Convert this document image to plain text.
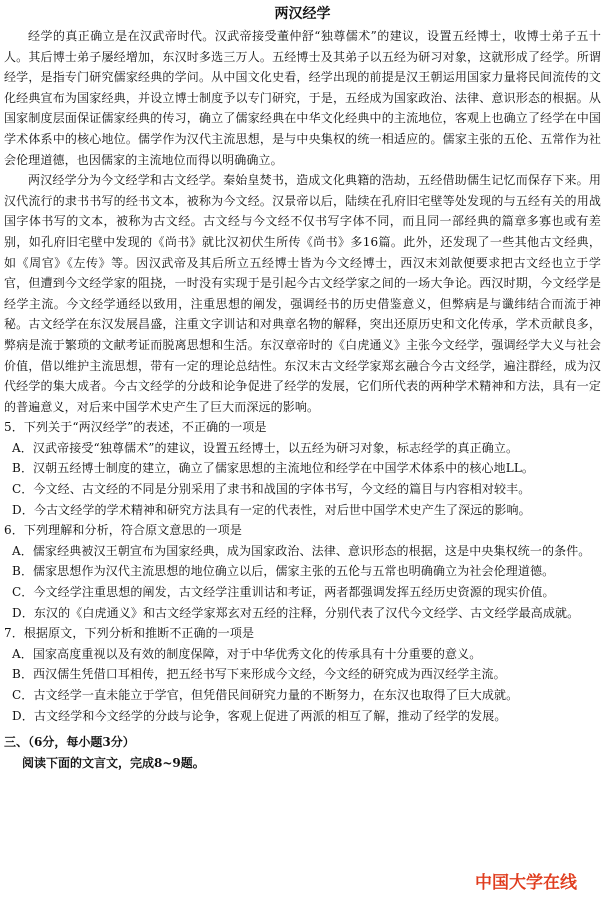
两汉经学

经学的真正确立是在汉武帝时代。汉武帝接受董仲舒“独尊儒术”的建议，设置五经博士，收博士弟子五十人。其后博士弟子屡经增加，东汉时多选三万人。五经博士及其弟子以五经为研习对象，这就形成了经学。所谓经学，是指专门研究儒家经典的学问。从中国文化史看，经学出现的前提是汉王朝运用国家力量将民间流传的文化经典宣布为国家经典，并设立博士制度予以专门研究，于是，五经成为国家政治、法律、意识形态的根据。从国家制度层面保证儒家经典的传习，确立了儒家经典在中华文化经典中的主流地位，客观上也确立了经学在中国学术体系中的核心地位。儒学作为汉代主流思想，是与中央集权的统一相适应的。儒家主张的五伦、五常作为社会伦理道德，也因儒家的主流地位而得以明确确立。

两汉经学分为今文经学和古文经学。秦始皇焚书，造成文化典籍的浩劫，五经借助儒生记忆而保存下来。用汉代流行的隶书书写的经书文本，被称为今文经。汉景帝以后，陆续在孔府旧宅壁等处发现的与五经有关的用战国字体书写的文本，被称为古文经。古文经与今文经不仅书写字体不同，而且同一部经典的篇章多寡也或有差别，如孔府旧宅壁中发现的《尚书》就比汉初伏生所传《尚书》多16篇。此外，还发现了一些其他古文经典，如《周官》《左传》等。因汉武帝及其后所立五经博士皆为今文经博士，西汉末刘歆便要求把古文经也立于学官，但遭到今文经学家的阻挠，一时没有实现于是引起今古文经学家之间的一场大争论。西汉时期，今文经学是经学主流。今文经学通经以致用，注重思想的阐发，强调经书的历史借鉴意义，但弊病是与谶纬结合而流于神秘。古文经学在东汉发展昌盛，注重文字训诂和对典章名物的解释，突出还原历史和文化传承，学术贡献良多，弊病是流于繁琐的文献考证而脱离思想和生活。东汉章帝时的《白虎通义》主张今文经学，强调经学大义与社会价值，借以维护主流思想，带有一定的理论总结性。东汉末古文经学家郑玄融合今古文经学，遍注群经，成为汉代经学的集大成者。今古文经学的分歧和论争促进了经学的发展，它们所代表的两种学术精神和方法，具有一定的普遍意义，对后来中国学术史产生了巨大而深远的影响。

5．下列关于“两汉经学”的表述，不正确的一项是

A．汉武帝接受“独尊儒术”的建议，设置五经博士，以五经为研习对象，标志经学的真正确立。

B．汉朝五经博士制度的建立，确立了儒家思想的主流地位和经学在中国学术体系中的核心地LL。

C．今文经、古文经的不同是分别采用了隶书和战国的字体书写，今文经的篇目与内容相对较丰。

D．今古文经学的学术精神和研究方法具有一定的代表性，对后世中国学术史产生了深远的影响。

6．下列理解和分析，符合原文意思的一项是

A．儒家经典被汉王朝宣布为国家经典，成为国家政治、法律、意识形态的根据，这是中央集权统一的条件。

B．儒家思想作为汉代主流思想的地位确立以后，儒家主张的五伦与五常也明确确立为社会伦理道德。

C．今文经学注重思想的阐发，古文经学注重训诂和考证，两者都强调发挥五经历史资源的现实价值。

D．东汉的《白虎通义》和古文经学家郑玄对五经的注释，分别代表了汉代今文经学、古文经学最高成就。

7．根据原文，下列分析和推断不正确的一项是

A．国家高度重视以及有效的制度保障，对于中华优秀文化的传承具有十分重要的意义。

B．西汉儒生凭借口耳相传，把五经书写下来形成今文经，今文经的研究成为西汉经学主流。

C．古文经学一直未能立于学官，但凭借民间研究力量的不断努力，在东汉也取得了巨大成就。

D．古文经学和今文经学的分歧与论争，客观上促进了两派的相互了解，推动了经学的发展。

三、（6分，每小题3分）

阅读下面的文言文，完成8~9题。

中国大学在线
